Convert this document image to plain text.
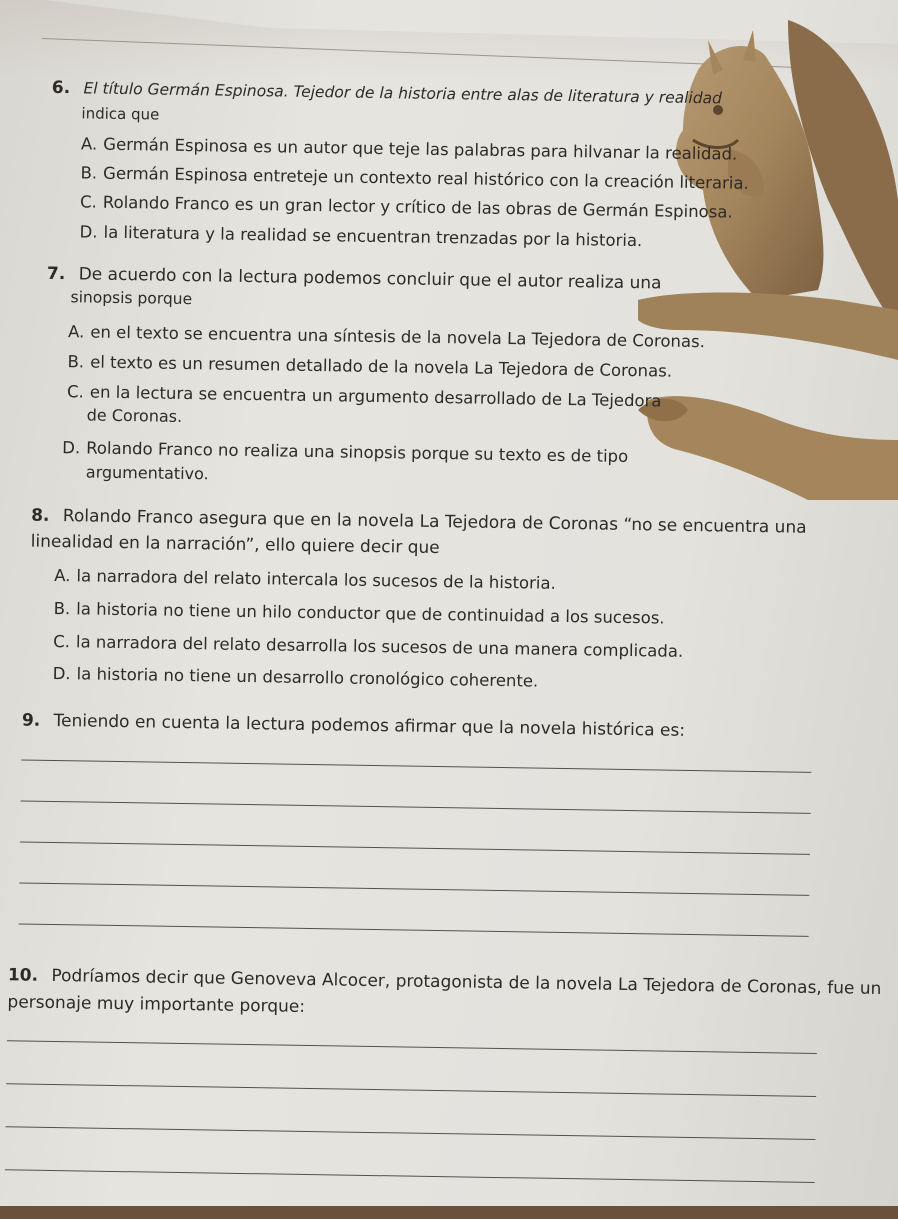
6. El título Germán Espinosa. Tejedor de la historia entre alas de literatura y realidad
indica que
A. Germán Espinosa es un autor que teje las palabras para hilvanar la realidad.
B. Germán Espinosa entreteje un contexto real histórico con la creación literaria.
C. Rolando Franco es un gran lector y crítico de las obras de Germán Espinosa.
D. la literatura y la realidad se encuentran trenzadas por la historia.
7. De acuerdo con la lectura podemos concluir que el autor realiza una
sinopsis porque
A. en el texto se encuentra una síntesis de la novela La Tejedora de Coronas.
B. el texto es un resumen detallado de la novela La Tejedora de Coronas.
C. en la lectura se encuentra un argumento desarrollado de La Tejedora
de Coronas.
D. Rolando Franco no realiza una sinopsis porque su texto es de tipo
argumentativo.
8. Rolando Franco asegura que en la novela La Tejedora de Coronas “no se encuentra una
linealidad en la narración”, ello quiere decir que
A. la narradora del relato intercala los sucesos de la historia.
B. la historia no tiene un hilo conductor que de continuidad a los sucesos.
C. la narradora del relato desarrolla los sucesos de una manera complicada.
D. la historia no tiene un desarrollo cronológico coherente.
9. Teniendo en cuenta la lectura podemos afirmar que la novela histórica es:
10. Podríamos decir que Genoveva Alcocer, protagonista de la novela La Tejedora de Coronas, fue un
personaje muy importante porque:
